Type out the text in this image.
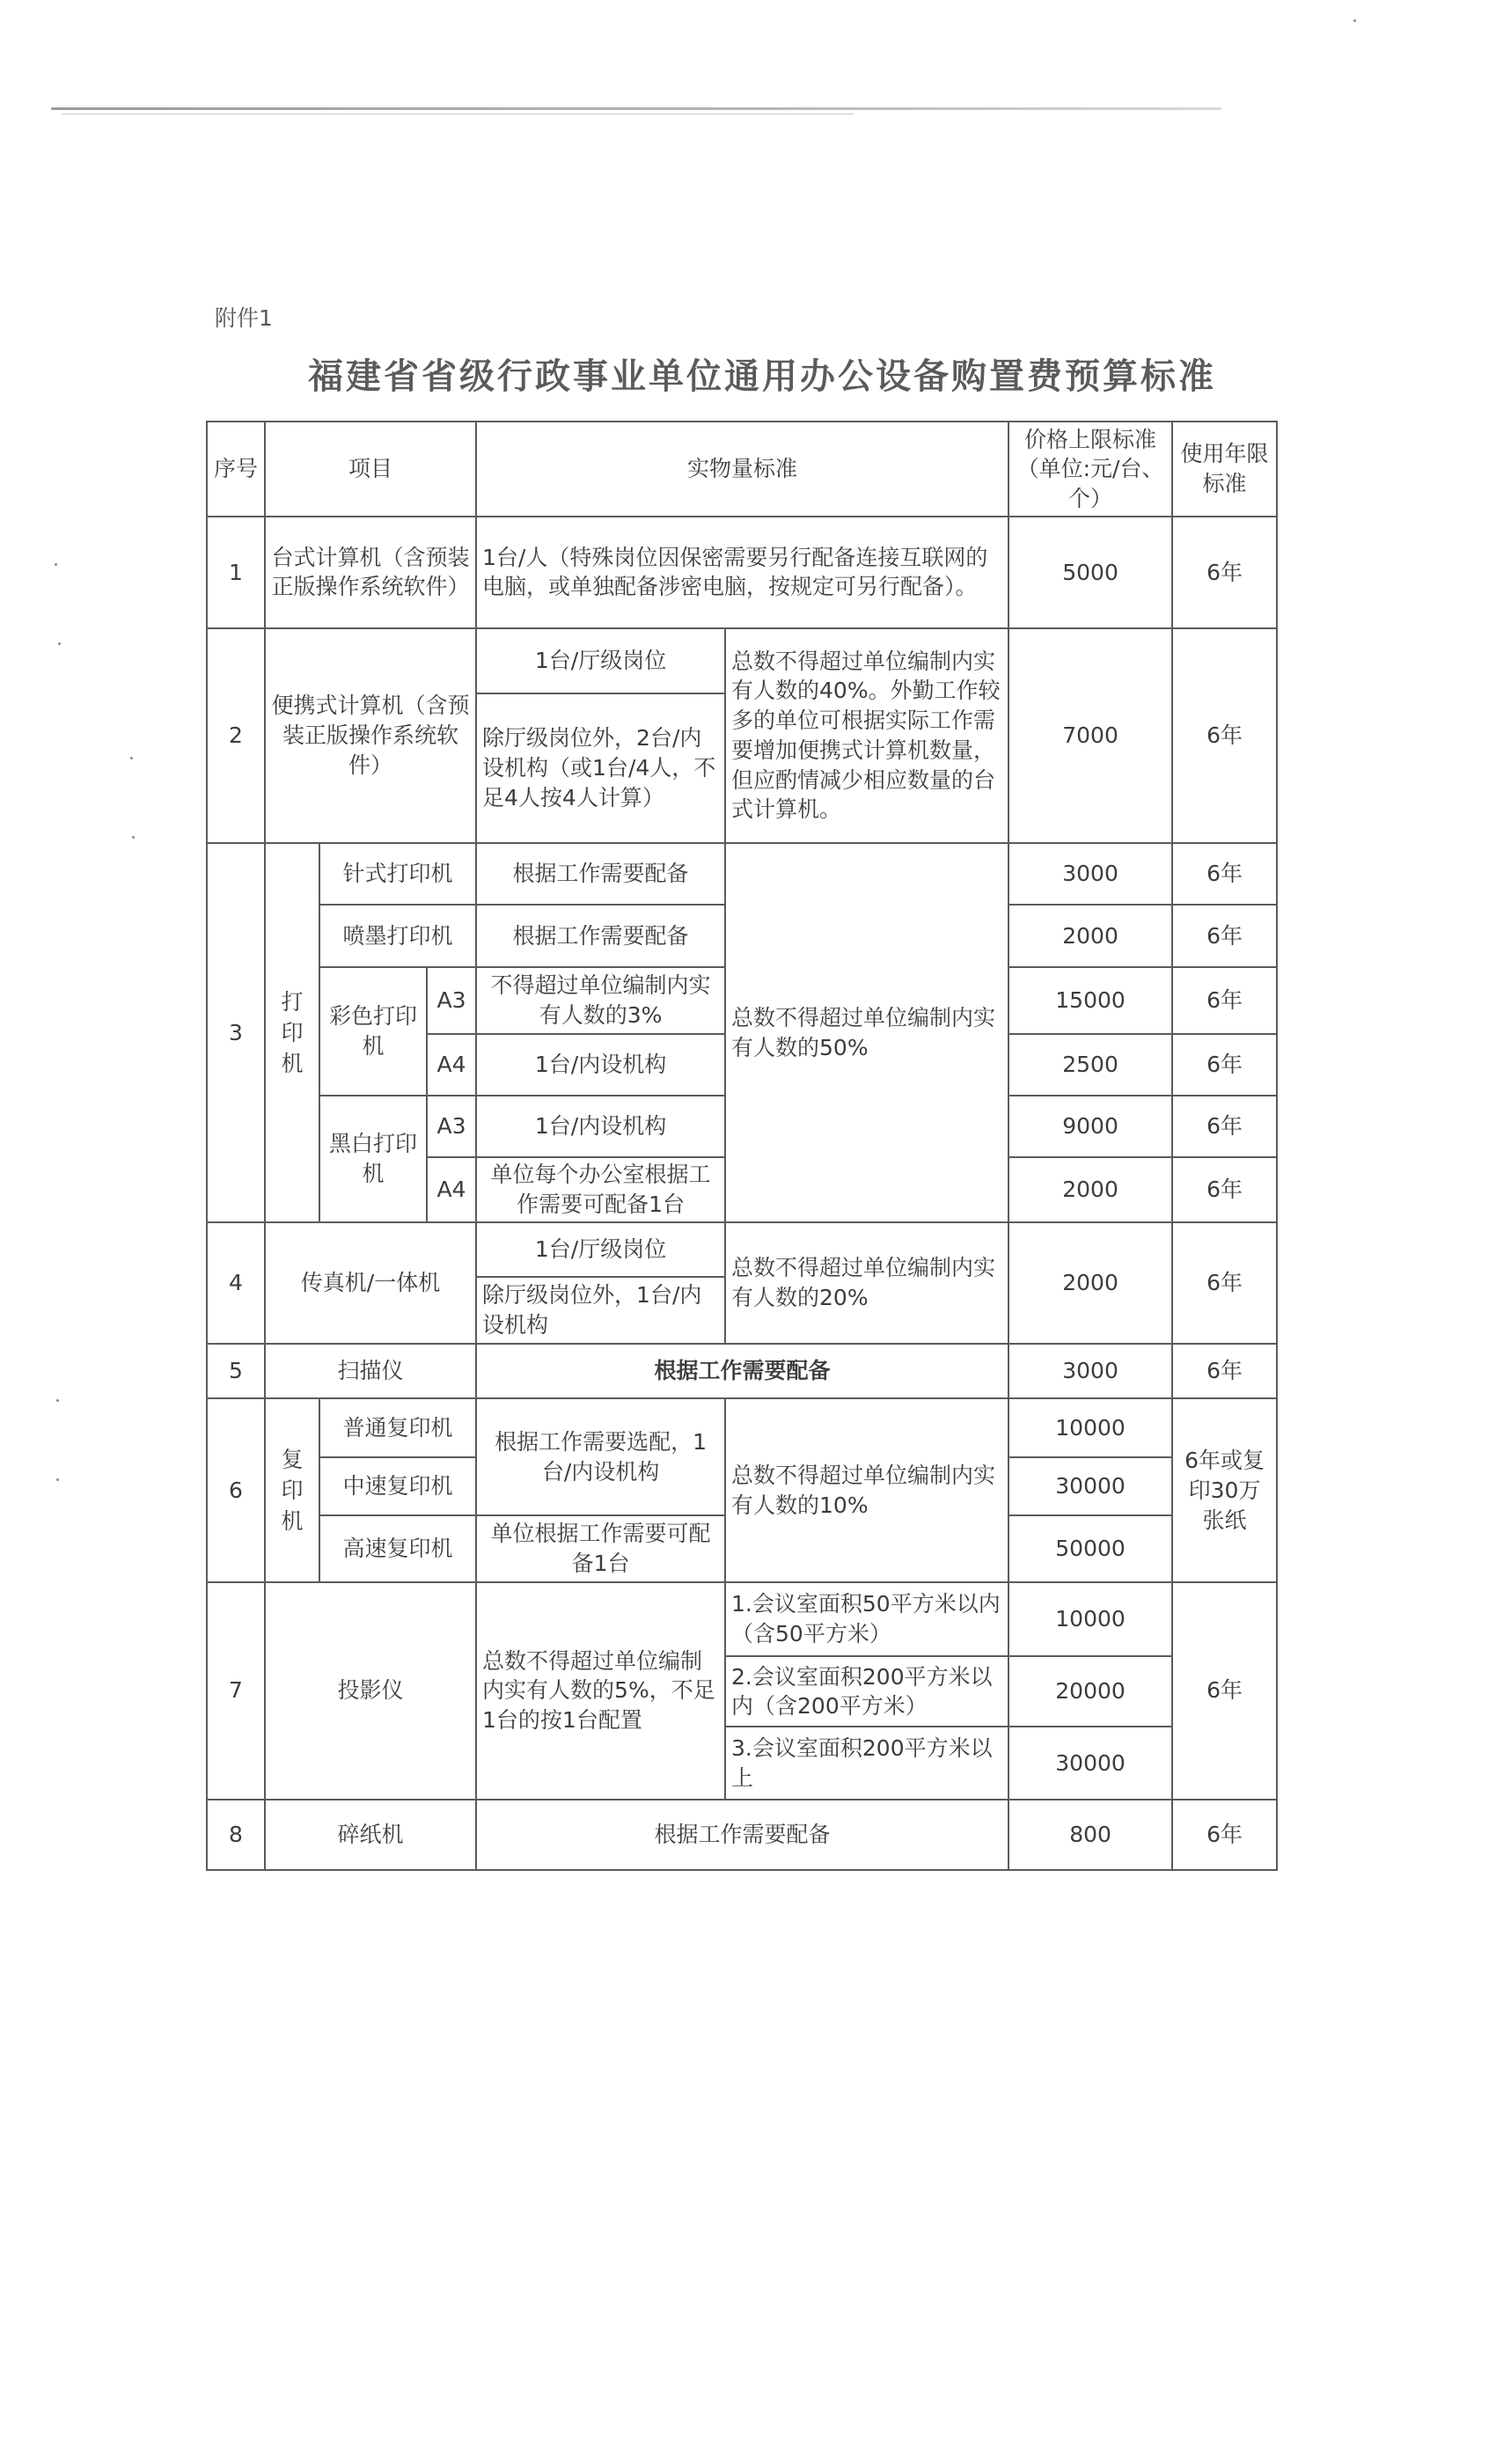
附件1
福建省省级行政事业单位通用办公设备购置费预算标准
序号	项目			实物量标准		价格上限标准（单位:元/台、个）	使用年限标准
1	台式计算机（含预装正版操作系统软件）			1台/人（特殊岗位因保密需要另行配备连接互联网的电脑，或单独配备涉密电脑，按规定可另行配备）。		5000	6年
2	便携式计算机（含预装正版操作系统软件）			1台/厅级岗位	总数不得超过单位编制内实有人数的40%。外勤工作较多的单位可根据实际工作需要增加便携式计算机数量，但应酌情减少相应数量的台式计算机。	7000	6年
				除厅级岗位外，2台/内设机构（或1台/4人，不足4人按4人计算）			
3	打印机	针式打印机		根据工作需要配备	总数不得超过单位编制内实有人数的50%	3000	6年
		喷墨打印机		根据工作需要配备		2000	6年
		彩色打印机	A3	不得超过单位编制内实有人数的3%		15000	6年
			A4	1台/内设机构		2500	6年
		黑白打印机	A3	1台/内设机构		9000	6年
			A4	单位每个办公室根据工作需要可配备1台		2000	6年
4	传真机/一体机			1台/厅级岗位	总数不得超过单位编制内实有人数的20%	2000	6年
				除厅级岗位外，1台/内设机构			
5	扫描仪			根据工作需要配备		3000	6年
6	复印机	普通复印机		根据工作需要选配，1台/内设机构	总数不得超过单位编制内实有人数的10%	10000	6年或复印30万张纸
		中速复印机				30000	
		高速复印机		单位根据工作需要可配备1台		50000	
7	投影仪			总数不得超过单位编制内实有人数的5%，不足1台的按1台配置	1.会议室面积50平方米以内（含50平方米）	10000	6年
					2.会议室面积200平方米以内（含200平方米）	20000	
					3.会议室面积200平方米以上	30000	
8	碎纸机			根据工作需要配备		800	6年
